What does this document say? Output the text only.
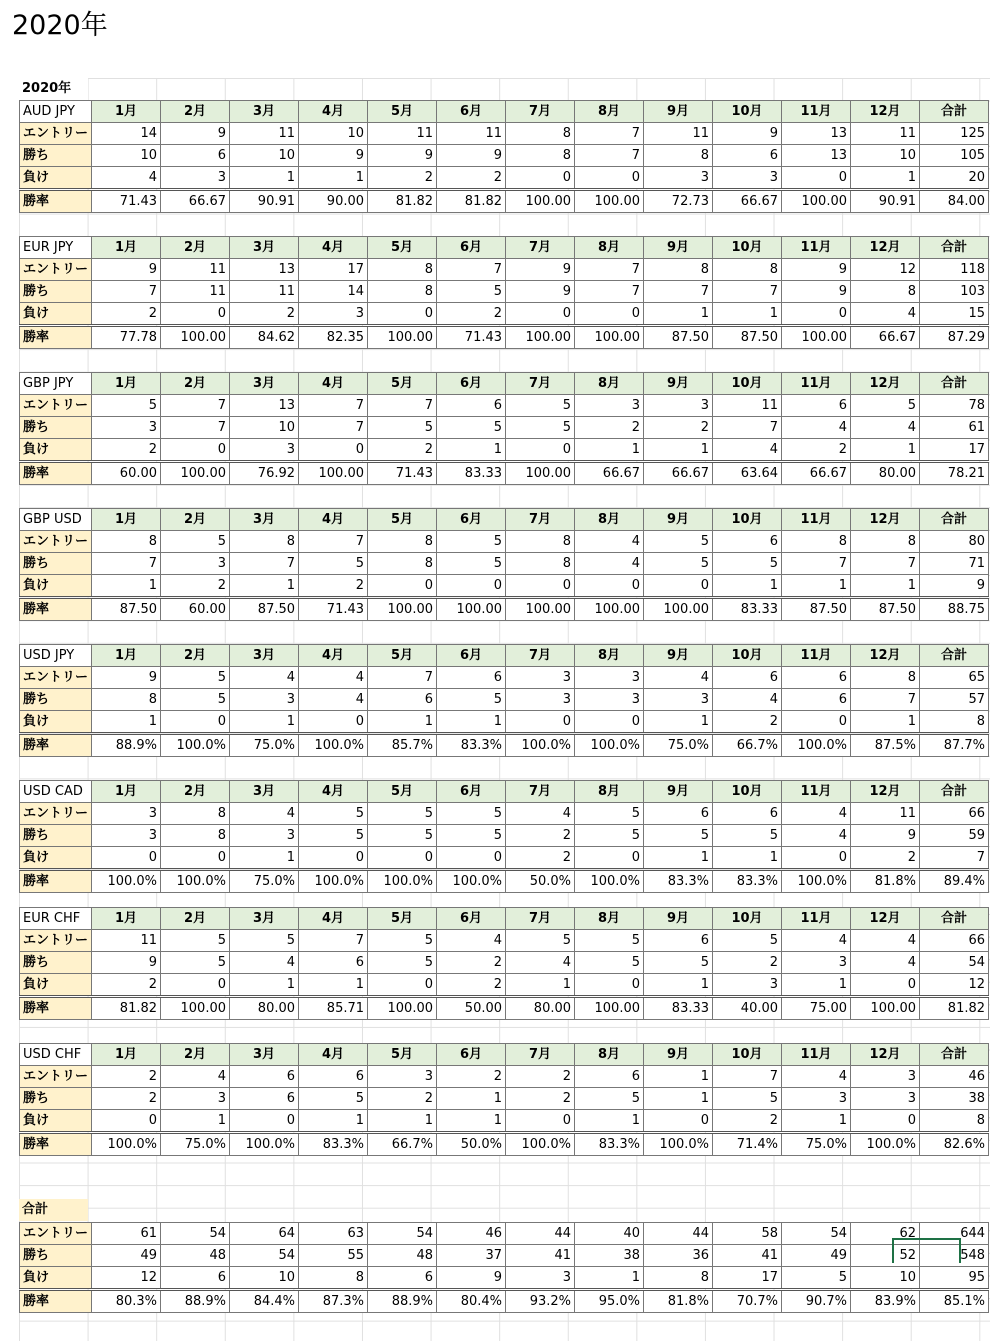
2020年
2020年
AUD JPY	1月	2月	3月	4月	5月	6月	7月	8月	9月	10月	11月	12月	合計
エントリー	14	9	11	10	11	11	8	7	11	9	13	11	125
勝ち	10	6	10	9	9	9	8	7	8	6	13	10	105
負け	4	3	1	1	2	2	0	0	3	3	0	1	20
勝率	71.43	66.67	90.91	90.00	81.82	81.82	100.00	100.00	72.73	66.67	100.00	90.91	84.00
EUR JPY	1月	2月	3月	4月	5月	6月	7月	8月	9月	10月	11月	12月	合計
エントリー	9	11	13	17	8	7	9	7	8	8	9	12	118
勝ち	7	11	11	14	8	5	9	7	7	7	9	8	103
負け	2	0	2	3	0	2	0	0	1	1	0	4	15
勝率	77.78	100.00	84.62	82.35	100.00	71.43	100.00	100.00	87.50	87.50	100.00	66.67	87.29
GBP JPY	1月	2月	3月	4月	5月	6月	7月	8月	9月	10月	11月	12月	合計
エントリー	5	7	13	7	7	6	5	3	3	11	6	5	78
勝ち	3	7	10	7	5	5	5	2	2	7	4	4	61
負け	2	0	3	0	2	1	0	1	1	4	2	1	17
勝率	60.00	100.00	76.92	100.00	71.43	83.33	100.00	66.67	66.67	63.64	66.67	80.00	78.21
GBP USD	1月	2月	3月	4月	5月	6月	7月	8月	9月	10月	11月	12月	合計
エントリー	8	5	8	7	8	5	8	4	5	6	8	8	80
勝ち	7	3	7	5	8	5	8	4	5	5	7	7	71
負け	1	2	1	2	0	0	0	0	0	1	1	1	9
勝率	87.50	60.00	87.50	71.43	100.00	100.00	100.00	100.00	100.00	83.33	87.50	87.50	88.75
USD JPY	1月	2月	3月	4月	5月	6月	7月	8月	9月	10月	11月	12月	合計
エントリー	9	5	4	4	7	6	3	3	4	6	6	8	65
勝ち	8	5	3	4	6	5	3	3	3	4	6	7	57
負け	1	0	1	0	1	1	0	0	1	2	0	1	8
勝率	88.9%	100.0%	75.0%	100.0%	85.7%	83.3%	100.0%	100.0%	75.0%	66.7%	100.0%	87.5%	87.7%
USD CAD	1月	2月	3月	4月	5月	6月	7月	8月	9月	10月	11月	12月	合計
エントリー	3	8	4	5	5	5	4	5	6	6	4	11	66
勝ち	3	8	3	5	5	5	2	5	5	5	4	9	59
負け	0	0	1	0	0	0	2	0	1	1	0	2	7
勝率	100.0%	100.0%	75.0%	100.0%	100.0%	100.0%	50.0%	100.0%	83.3%	83.3%	100.0%	81.8%	89.4%
EUR CHF	1月	2月	3月	4月	5月	6月	7月	8月	9月	10月	11月	12月	合計
エントリー	11	5	5	7	5	4	5	5	6	5	4	4	66
勝ち	9	5	4	6	5	2	4	5	5	2	3	4	54
負け	2	0	1	1	0	2	1	0	1	3	1	0	12
勝率	81.82	100.00	80.00	85.71	100.00	50.00	80.00	100.00	83.33	40.00	75.00	100.00	81.82
USD CHF	1月	2月	3月	4月	5月	6月	7月	8月	9月	10月	11月	12月	合計
エントリー	2	4	6	6	3	2	2	6	1	7	4	3	46
勝ち	2	3	6	5	2	1	2	5	1	5	3	3	38
負け	0	1	0	1	1	1	0	1	0	2	1	0	8
勝率	100.0%	75.0%	100.0%	83.3%	66.7%	50.0%	100.0%	83.3%	100.0%	71.4%	75.0%	100.0%	82.6%
合計
エントリー	61	54	64	63	54	46	44	40	44	58	54	62	644
勝ち	49	48	54	55	48	37	41	38	36	41	49	52	548
負け	12	6	10	8	6	9	3	1	8	17	5	10	95
勝率	80.3%	88.9%	84.4%	87.3%	88.9%	80.4%	93.2%	95.0%	81.8%	70.7%	90.7%	83.9%	85.1%
